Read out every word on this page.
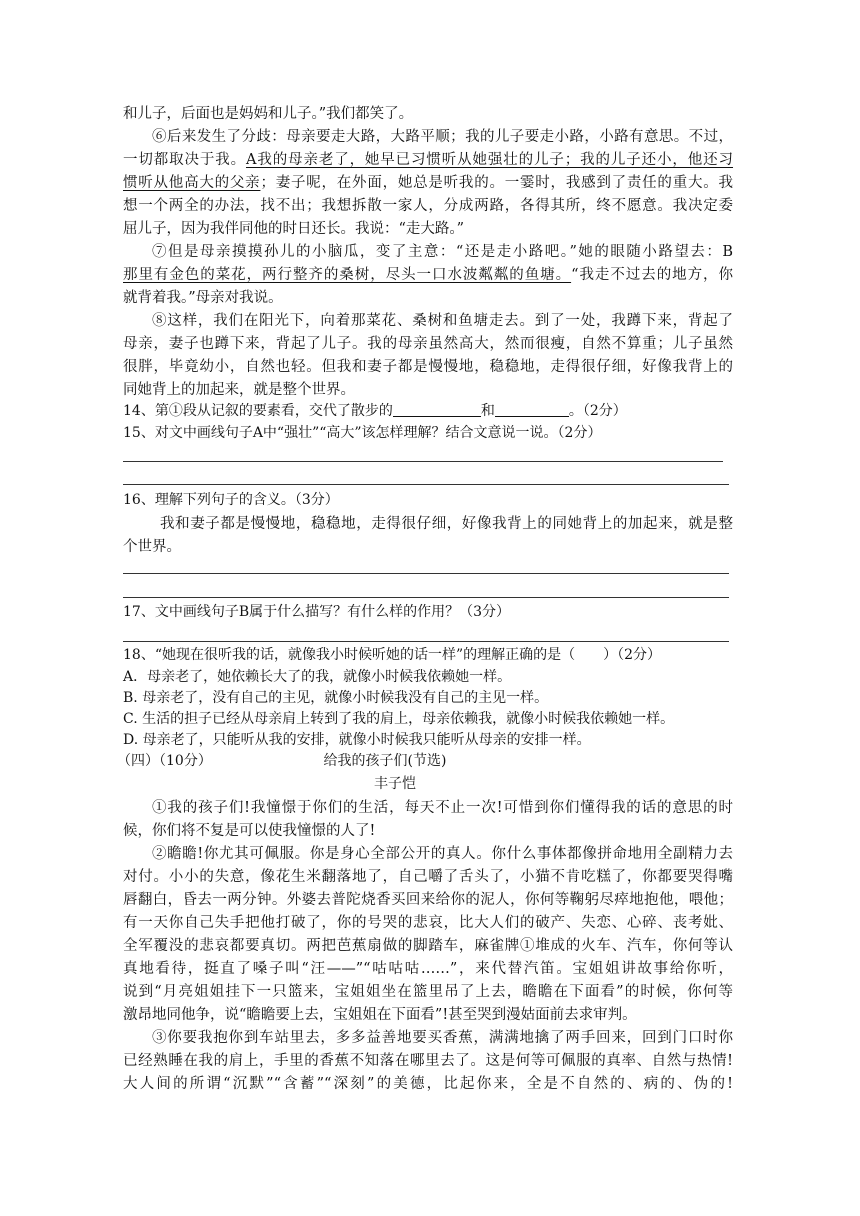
和儿子，后面也是妈妈和儿子。”我们都笑了。
⑥后来发生了分歧：母亲要走大路，大路平顺；我的儿子要走小路，小路有意思。不过，
一切都取决于我。A我的母亲老了，她早已习惯听从她强壮的儿子；我的儿子还小，他还习
惯听从他高大的父亲；妻子呢，在外面，她总是听我的。一霎时，我感到了责任的重大。我
想一个两全的办法，找不出；我想拆散一家人，分成两路，各得其所，终不愿意。我决定委
屈儿子，因为我伴同他的时日还长。我说：“走大路。”
⑦但是母亲摸摸孙儿的小脑瓜，变了主意：“还是走小路吧。”她的眼随小路望去：B
那里有金色的菜花，两行整齐的桑树，尽头一口水波粼粼的鱼塘。“我走不过去的地方，你
就背着我。”母亲对我说。
⑧这样，我们在阳光下，向着那菜花、桑树和鱼塘走去。到了一处，我蹲下来，背起了
母亲，妻子也蹲下来，背起了儿子。我的母亲虽然高大，然而很瘦，自然不算重；儿子虽然
很胖，毕竟幼小，自然也轻。但我和妻子都是慢慢地，稳稳地，走得很仔细，好像我背上的
同她背上的加起来，就是整个世界。
14、第①段从记叙的要素看，交代了散步的	和	。（2分）
15、对文中画线句子A中“强壮”“高大”该怎样理解？结合文意说一说。（2分）
16、理解下列句子的含义。（3分）
我和妻子都是慢慢地，稳稳地，走得很仔细，好像我背上的同她背上的加起来，就是整
个世界。
17、文中画线句子B属于什么描写？有什么样的作用？（3分）
18、“她现在很听我的话，就像我小时候听她的话一样”的理解正确的是（　　）（2分）
A．母亲老了，她依赖长大了的我，就像小时候我依赖她一样。
B. 母亲老了，没有自己的主见，就像小时候我没有自己的主见一样。
C. 生活的担子已经从母亲肩上转到了我的肩上，母亲依赖我，就像小时候我依赖她一样。
D. 母亲老了，只能听从我的安排，就像小时候我只能听从母亲的安排一样。
（四）（10分）	给我的孩子们(节选)
丰子恺
①我的孩子们!我憧憬于你们的生活，每天不止一次!可惜到你们懂得我的话的意思的时
候，你们将不复是可以使我憧憬的人了!
②瞻瞻!你尤其可佩服。你是身心全部公开的真人。你什么事体都像拼命地用全副精力去
对付。小小的失意，像花生米翻落地了，自己嚼了舌头了，小猫不肯吃糕了，你都要哭得嘴
唇翻白，昏去一两分钟。外婆去普陀烧香买回来给你的泥人，你何等鞠躬尽瘁地抱他，喂他；
有一天你自己失手把他打破了，你的号哭的悲哀，比大人们的破产、失恋、心碎、丧考妣、
全军覆没的悲哀都要真切。两把芭蕉扇做的脚踏车，麻雀牌①堆成的火车、汽车，你何等认
真地看待，挺直了嗓子叫“汪——”“咕咕咕……”，来代替汽笛。宝姐姐讲故事给你听，
说到“月亮姐姐挂下一只篮来，宝姐姐坐在篮里吊了上去，瞻瞻在下面看”的时候，你何等
激昂地同他争，说“瞻瞻要上去，宝姐姐在下面看”!甚至哭到漫姑面前去求审判。
③你要我抱你到车站里去，多多益善地要买香蕉，满满地擒了两手回来，回到门口时你
已经熟睡在我的肩上，手里的香蕉不知落在哪里去了。这是何等可佩服的真率、自然与热情!
大人间的所谓“沉默”“含蓄”“深刻”的美德，比起你来，全是不自然的、病的、伪的!
